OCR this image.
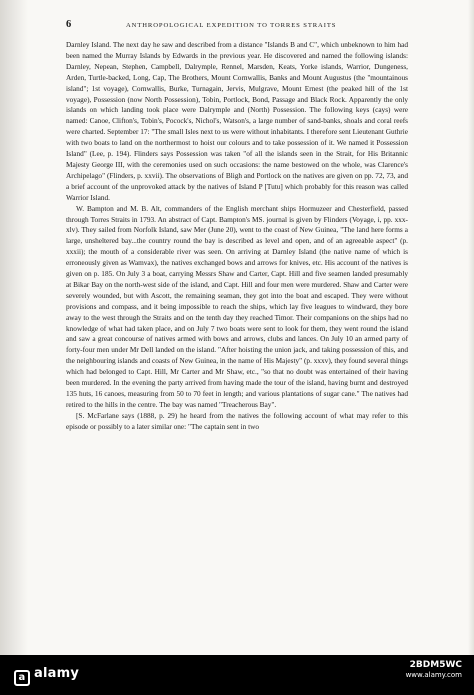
6	ANTHROPOLOGICAL EXPEDITION TO TORRES STRAITS

Darnley Island. The next day he saw and described from a distance "Islands B and C", which unbeknown to him had been named the Murray Islands by Edwards in the previous year. He discovered and named the following islands: Darnley, Nepean, Stephen, Campbell, Dalrymple, Rennel, Marsden, Keats, Yorke islands, Warrior, Dungeness, Arden, Turtle-backed, Long, Cap, The Brothers, Mount Cornwallis, Banks and Mount Augustus (the "mountainous island"; 1st voyage), Cornwallis, Burke, Turnagain, Jervis, Mulgrave, Mount Ernest (the peaked hill of the 1st voyage), Possession (now North Possession), Tobin, Portlock, Bond, Passage and Black Rock. Apparently the only islands on which landing took place were Dalrymple and (North) Possession. The following keys (cays) were named: Canoe, Clifton's, Tobin's, Pocock's, Nichol's, Watson's, a large number of sand-banks, shoals and coral reefs were charted. September 17: "The small Isles next to us were without inhabitants. I therefore sent Lieutenant Guthrie with two boats to land on the northermost to hoist our colours and to take possession of it. We named it Possession Island" (Lee, p. 194). Flinders says Possession was taken "of all the islands seen in the Strait, for His Britannic Majesty George III, with the ceremonies used on such occasions: the name bestowed on the whole, was Clarence's Archipelago" (Flinders, p. xxvii). The observations of Bligh and Portlock on the natives are given on pp. 72, 73, and a brief account of the unprovoked attack by the natives of Island P [Tutu] which probably for this reason was called Warrior Island.

W. Bampton and M. B. Alt, commanders of the English merchant ships Hormuzeer and Chesterfield, passed through Torres Straits in 1793. An abstract of Capt. Bampton's MS. journal is given by Flinders (Voyage, i, pp. xxx-xlv). They sailed from Norfolk Island, saw Mer (June 20), went to the coast of New Guinea, "The land here forms a large, unsheltered bay...the country round the bay is described as level and open, and of an agreeable aspect" (p. xxxii); the mouth of a considerable river was seen. On arriving at Darnley Island (the native name of which is erroneously given as Wamvax), the natives exchanged bows and arrows for knives, etc. His account of the natives is given on p. 185. On July 3 a boat, carrying Messrs Shaw and Carter, Capt. Hill and five seamen landed presumably at Bikar Bay on the north-west side of the island, and Capt. Hill and four men were murdered. Shaw and Carter were severely wounded, but with Ascott, the remaining seaman, they got into the boat and escaped. They were without provisions and compass, and it being impossible to reach the ships, which lay five leagues to windward, they bore away to the west through the Straits and on the tenth day they reached Timor. Their companions on the ships had no knowledge of what had taken place, and on July 7 two boats were sent to look for them, they went round the island and saw a great concourse of natives armed with bows and arrows, clubs and lances. On July 10 an armed party of forty-four men under Mr Dell landed on the island. "After hoisting the union jack, and taking possession of this, and the neighbouring islands and coasts of New Guinea, in the name of His Majesty" (p. xxxv), they found several things which had belonged to Capt. Hill, Mr Carter and Mr Shaw, etc., "so that no doubt was entertained of their having been murdered. In the evening the party arrived from having made the tour of the island, having burnt and destroyed 135 huts, 16 canoes, measuring from 50 to 70 feet in length; and various plantations of sugar cane." The natives had retired to the hills in the centre. The bay was named "Treacherous Bay".

[S. McFarlane says (1888, p. 29) he heard from the natives the following account of what may refer to this episode or possibly to a later similar one: "The captain sent in two

a alamy
2BDM5WC
www.alamy.com
